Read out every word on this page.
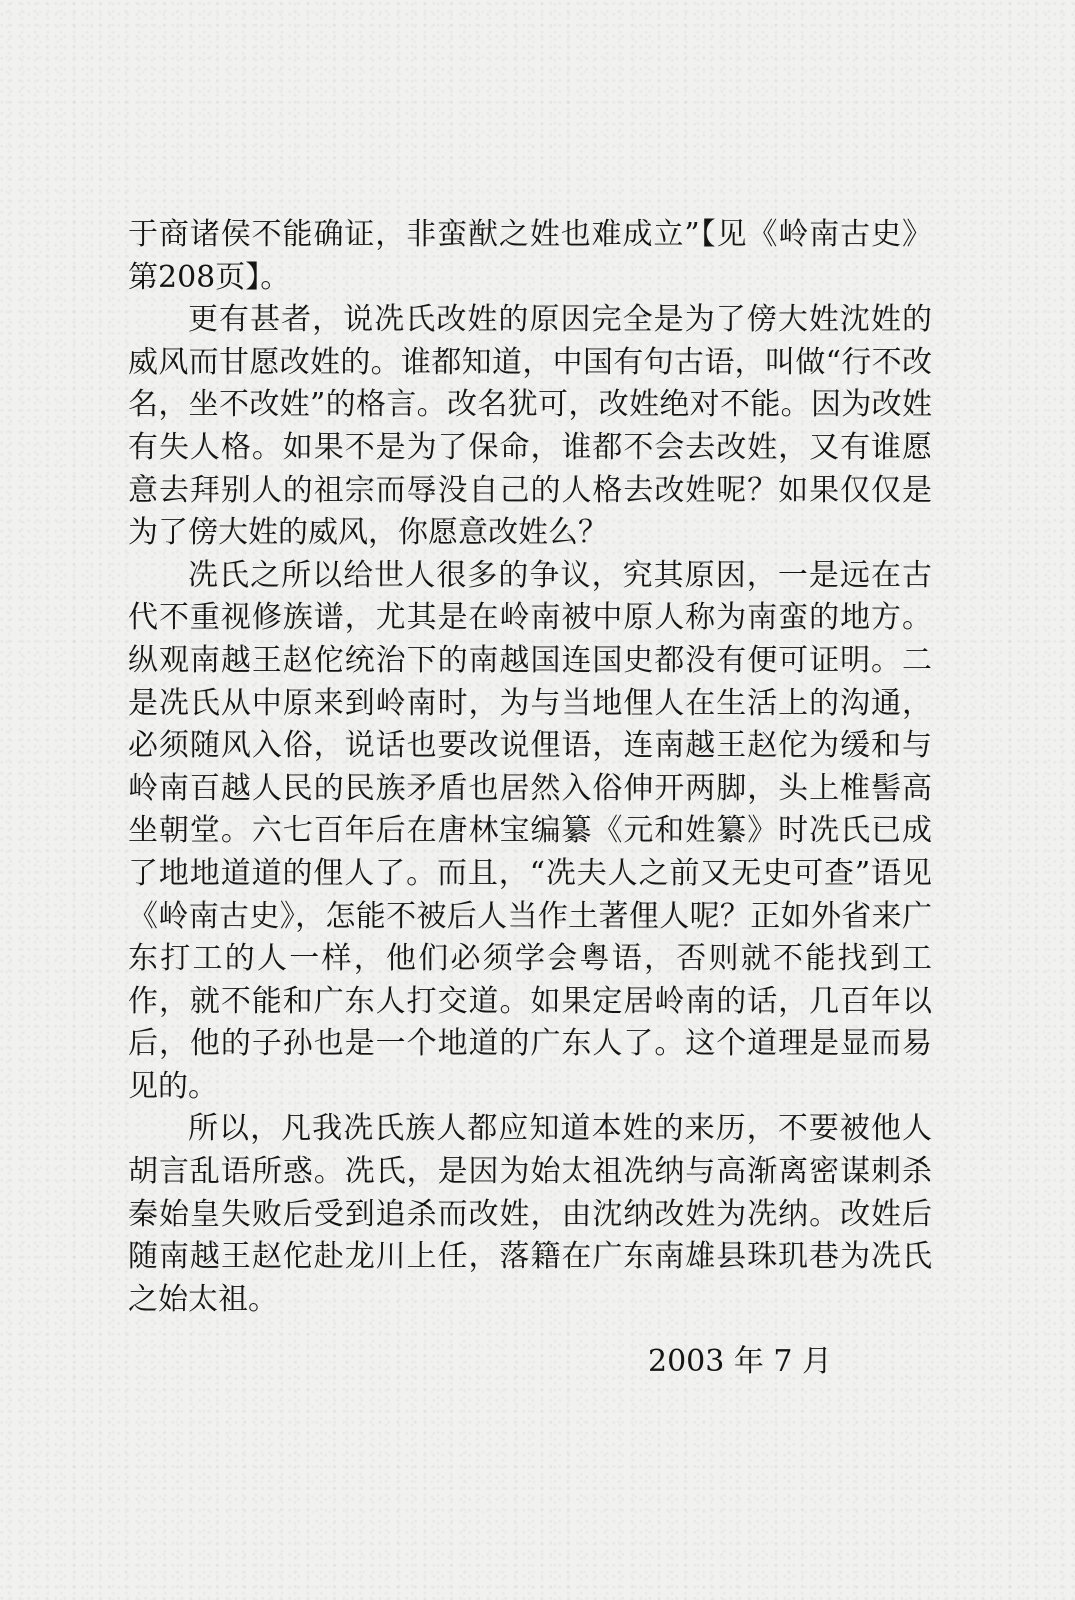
于商诸侯不能确证，非蛮猷之姓也难成立”【见《岭南古史》第208页】。

更有甚者，说冼氏改姓的原因完全是为了傍大姓沈姓的威风而甘愿改姓的。谁都知道，中国有句古语，叫做“行不改名，坐不改姓”的格言。改名犹可，改姓绝对不能。因为改姓有失人格。如果不是为了保命，谁都不会去改姓，又有谁愿意去拜别人的祖宗而辱没自己的人格去改姓呢？如果仅仅是为了傍大姓的威风，你愿意改姓么？

冼氏之所以给世人很多的争议，究其原因，一是远在古代不重视修族谱，尤其是在岭南被中原人称为南蛮的地方。纵观南越王赵佗统治下的南越国连国史都没有便可证明。二是冼氏从中原来到岭南时，为与当地俚人在生活上的沟通，必须随风入俗，说话也要改说俚语，连南越王赵佗为缓和与岭南百越人民的民族矛盾也居然入俗伸开两脚，头上椎髻高坐朝堂。六七百年后在唐林宝编纂《元和姓纂》时冼氏已成了地地道道的俚人了。而且，“冼夫人之前又无史可查”语见《岭南古史》，怎能不被后人当作土著俚人呢？正如外省来广东打工的人一样，他们必须学会粤语，否则就不能找到工作，就不能和广东人打交道。如果定居岭南的话，几百年以后，他的子孙也是一个地道的广东人了。这个道理是显而易见的。

所以，凡我冼氏族人都应知道本姓的来历，不要被他人胡言乱语所惑。冼氏，是因为始太祖冼纳与高渐离密谋刺杀秦始皇失败后受到追杀而改姓，由沈纳改姓为冼纳。改姓后随南越王赵佗赴龙川上任，落籍在广东南雄县珠玑巷为冼氏之始太祖。

2003 年 7 月
